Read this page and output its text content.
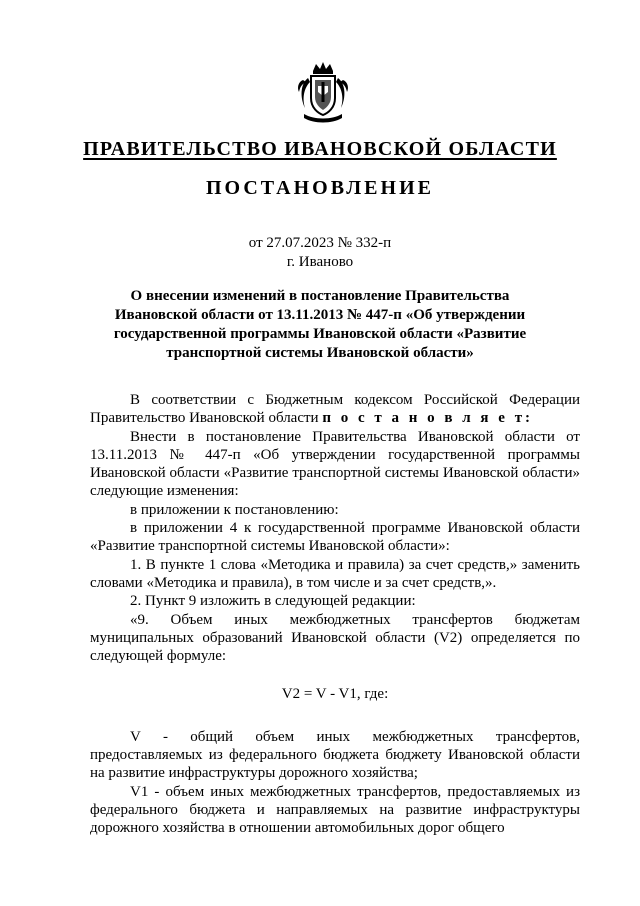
ПРАВИТЕЛЬСТВО ИВАНОВСКОЙ ОБЛАСТИ
ПОСТАНОВЛЕНИЕ
от 27.07.2023 № 332-п
г. Иваново
О внесении изменений в постановление Правительства
Ивановской области от 13.11.2013 № 447-п «Об утверждении
государственной программы Ивановской области «Развитие
транспортной системы Ивановской области»

В соответствии с Бюджетным кодексом Российской Федерации Правительство Ивановской области п о с т а н о в л я е т:

Внести в постановление Правительства Ивановской области от 13.11.2013 № 447-п «Об утверждении государственной программы Ивановской области «Развитие транспортной системы Ивановской области» следующие изменения:

в приложении к постановлению:

в приложении 4 к государственной программе Ивановской области «Развитие транспортной системы Ивановской области»:

1. В пункте 1 слова «Методика и правила) за счет средств,» заменить словами «Методика и правила), в том числе и за счет средств,».

2. Пункт 9 изложить в следующей редакции:

«9. Объем иных межбюджетных трансфертов бюджетам муниципальных образований Ивановской области (V2) определяется по следующей формуле:

V2 = V - V1, где:

V - общий объем иных межбюджетных трансфертов, предоставляемых из федерального бюджета бюджету Ивановской области на развитие инфраструктуры дорожного хозяйства;

V1 - объем иных межбюджетных трансфертов, предоставляемых из федерального бюджета и направляемых на развитие инфраструктуры дорожного хозяйства в отношении автомобильных дорог общего
